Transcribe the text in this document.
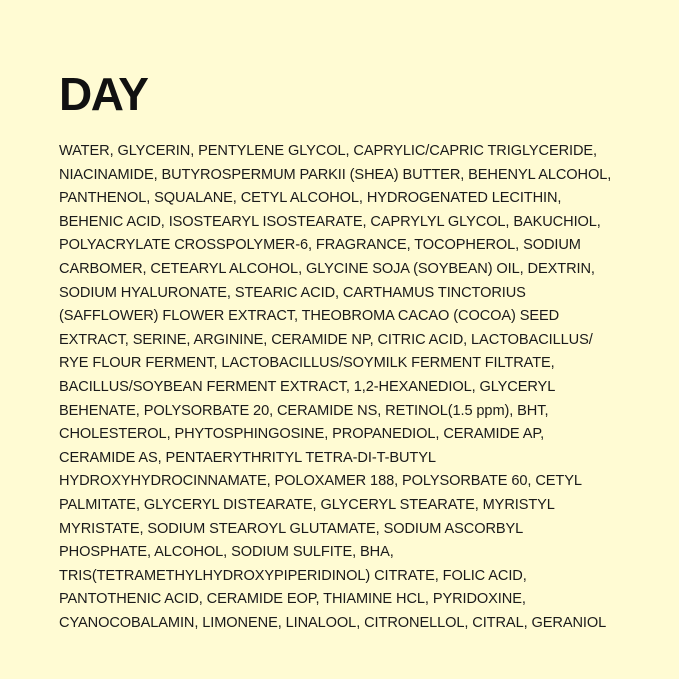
DAY
WATER, GLYCERIN, PENTYLENE GLYCOL, CAPRYLIC/CAPRIC TRIGLYCERIDE,
NIACINAMIDE, BUTYROSPERMUM PARKII (SHEA) BUTTER, BEHENYL ALCOHOL,
PANTHENOL, SQUALANE, CETYL ALCOHOL, HYDROGENATED LECITHIN,
BEHENIC ACID, ISOSTEARYL ISOSTEARATE, CAPRYLYL GLYCOL, BAKUCHIOL,
POLYACRYLATE CROSSPOLYMER-6, FRAGRANCE, TOCOPHEROL, SODIUM
CARBOMER, CETEARYL ALCOHOL, GLYCINE SOJA (SOYBEAN) OIL, DEXTRIN,
SODIUM HYALURONATE, STEARIC ACID, CARTHAMUS TINCTORIUS
(SAFFLOWER) FLOWER EXTRACT, THEOBROMA CACAO (COCOA) SEED
EXTRACT, SERINE, ARGININE, CERAMIDE NP, CITRIC ACID, LACTOBACILLUS/
RYE FLOUR FERMENT, LACTOBACILLUS/SOYMILK FERMENT FILTRATE,
BACILLUS/SOYBEAN FERMENT EXTRACT, 1,2-HEXANEDIOL, GLYCERYL
BEHENATE, POLYSORBATE 20, CERAMIDE NS, RETINOL(1.5 ppm), BHT,
CHOLESTEROL, PHYTOSPHINGOSINE, PROPANEDIOL, CERAMIDE AP,
CERAMIDE AS, PENTAERYTHRITYL TETRA-DI-T-BUTYL
HYDROXYHYDROCINNAMATE, POLOXAMER 188, POLYSORBATE 60, CETYL
PALMITATE, GLYCERYL DISTEARATE, GLYCERYL STEARATE, MYRISTYL
MYRISTATE, SODIUM STEAROYL GLUTAMATE, SODIUM ASCORBYL
PHOSPHATE, ALCOHOL, SODIUM SULFITE, BHA,
TRIS(TETRAMETHYLHYDROXYPIPERIDINOL) CITRATE, FOLIC ACID,
PANTOTHENIC ACID, CERAMIDE EOP, THIAMINE HCL, PYRIDOXINE,
CYANOCOBALAMIN, LIMONENE, LINALOOL, CITRONELLOL, CITRAL, GERANIOL
